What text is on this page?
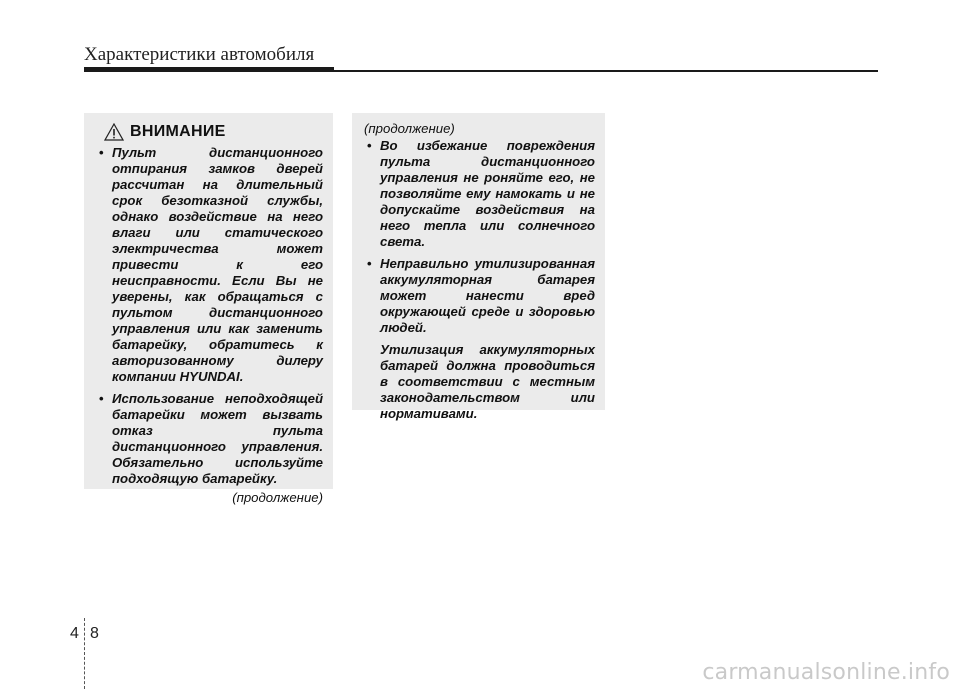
Характеристики автомобиля
ВНИМАНИЕ
• Пульт дистанционного отпирания замков дверей рассчитан на длительный срок безотказной службы, однако воздействие на него влаги или статического электричества может привести к его неисправности. Если Вы не уверены, как обращаться с пультом дистанционного управления или как заменить батарейку, обратитесь к авторизованному дилеру компании HYUNDAI.
• Использование неподходящей батарейки может вызвать отказ пульта дистанционного управления. Обязательно используйте подходящую батарейку.
(продолжение)
(продолжение)
• Во избежание повреждения пульта дистанционного управления не роняйте его, не позволяйте ему намокать и не допускайте воздействия на него тепла или солнечного света.
• Неправильно утилизированная аккумуляторная батарея может нанести вред окружающей среде и здоровью людей.
Утилизация аккумуляторных батарей должна проводиться в соответствии с местным законодательством или нормативами.
4 8
carmanualsonline.info
